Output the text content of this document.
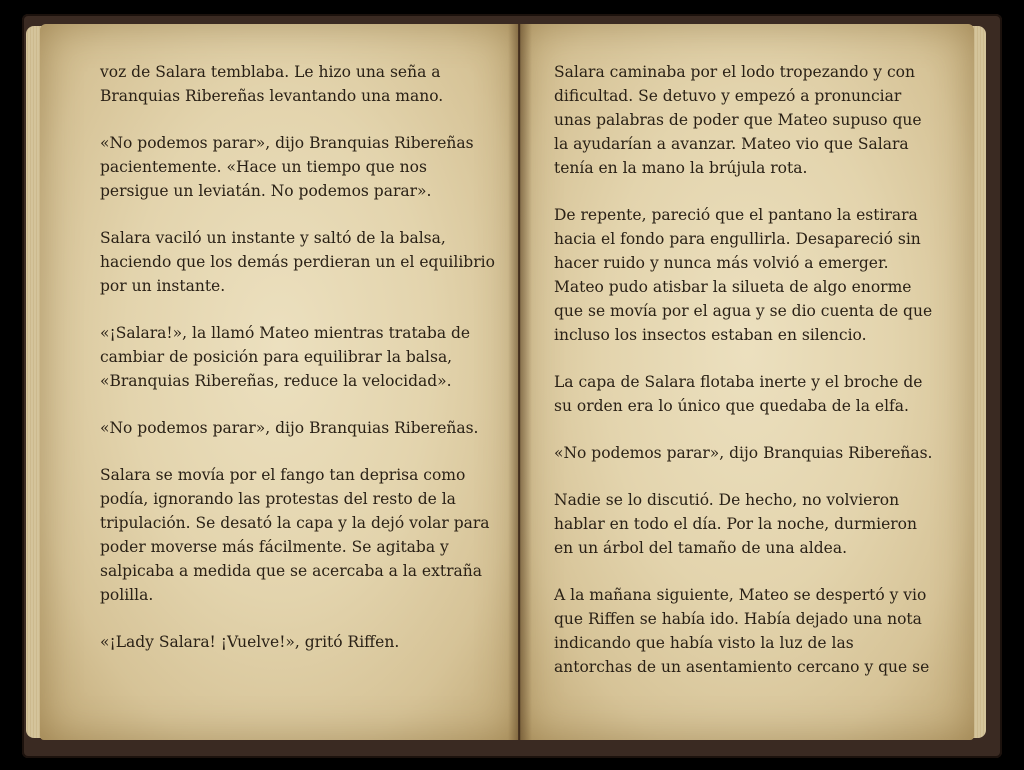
voz de Salara temblaba. Le hizo una seña a Branquias Ribereñas levantando una mano.

«No podemos parar», dijo Branquias Ribereñas pacientemente. «Hace un tiempo que nos persigue un leviatán. No podemos parar».

Salara vaciló un instante y saltó de la balsa, haciendo que los demás perdieran un el equilibrio por un instante.

«¡Salara!», la llamó Mateo mientras trataba de cambiar de posición para equilibrar la balsa, «Branquias Ribereñas, reduce la velocidad».

«No podemos parar», dijo Branquias Ribereñas.

Salara se movía por el fango tan deprisa como podía, ignorando las protestas del resto de la tripulación. Se desató la capa y la dejó volar para poder moverse más fácilmente. Se agitaba y salpicaba a medida que se acercaba a la extraña polilla.

«¡Lady Salara! ¡Vuelve!», gritó Riffen.

Salara caminaba por el lodo tropezando y con dificultad. Se detuvo y empezó a pronunciar unas palabras de poder que Mateo supuso que la ayudarían a avanzar. Mateo vio que Salara tenía en la mano la brújula rota.

De repente, pareció que el pantano la estirara hacia el fondo para engullirla. Desapareció sin hacer ruido y nunca más volvió a emerger. Mateo pudo atisbar la silueta de algo enorme que se movía por el agua y se dio cuenta de que incluso los insectos estaban en silencio.

La capa de Salara flotaba inerte y el broche de su orden era lo único que quedaba de la elfa.

«No podemos parar», dijo Branquias Ribereñas.

Nadie se lo discutió. De hecho, no volvieron hablar en todo el día. Por la noche, durmieron en un árbol del tamaño de una aldea.

A la mañana siguiente, Mateo se despertó y vio que Riffen se había ido. Había dejado una nota indicando que había visto la luz de las antorchas de un asentamiento cercano y que se
